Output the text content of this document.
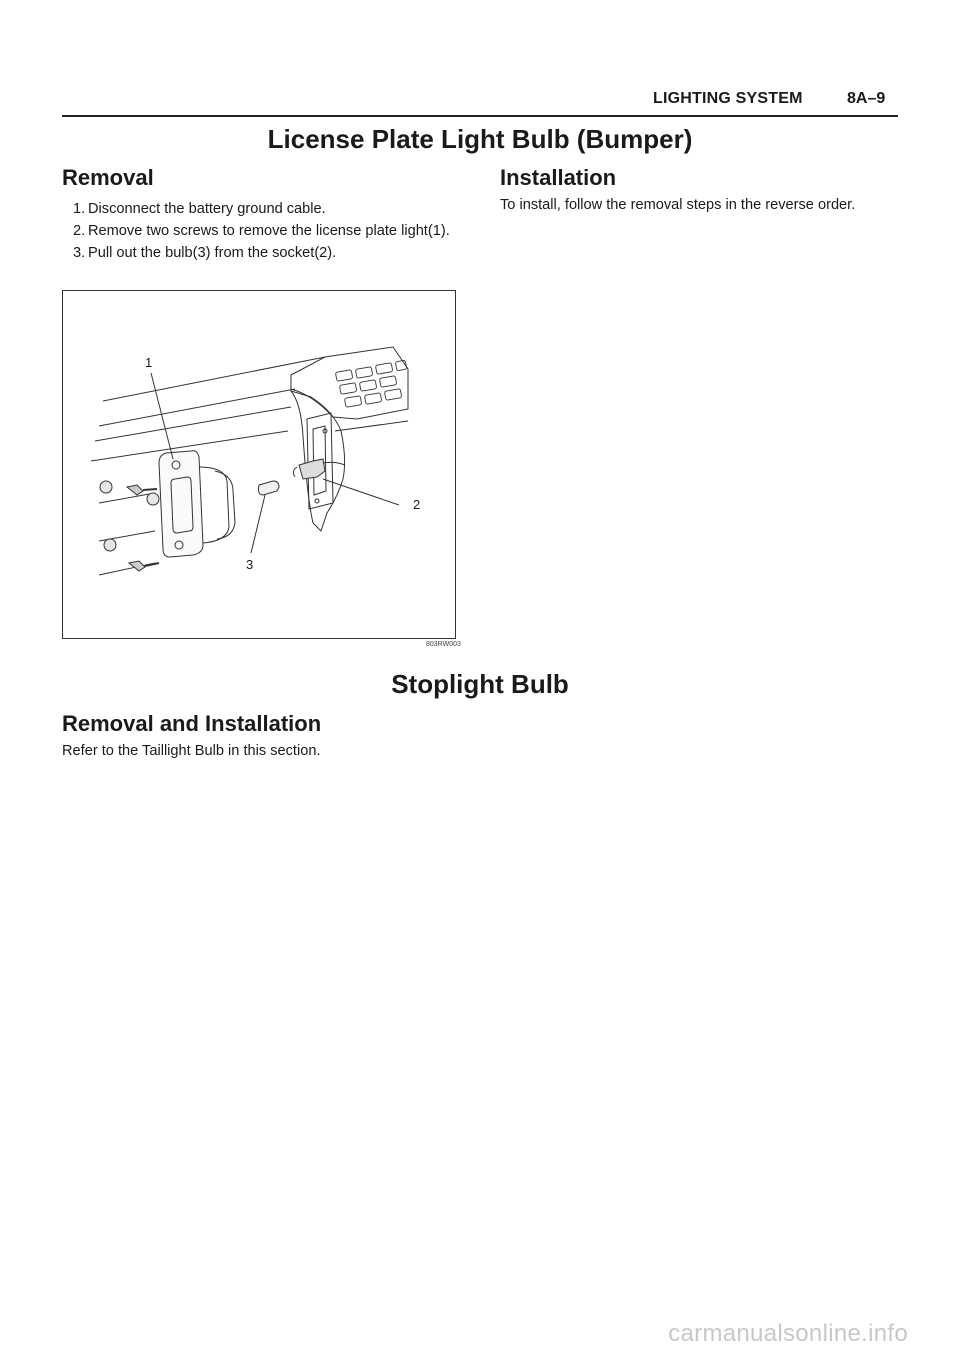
LIGHTING SYSTEM	8A–9
License Plate Light Bulb (Bumper)
Removal
1. Disconnect the battery ground cable.
2. Remove two screws to remove the license plate light(1).
3. Pull out the bulb(3) from the socket(2).
Installation
To install, follow the removal steps in the reverse order.
1
2
3
803RW003
Stoplight Bulb
Removal and Installation
Refer to the Taillight Bulb in this section.
carmanualsonline.info
